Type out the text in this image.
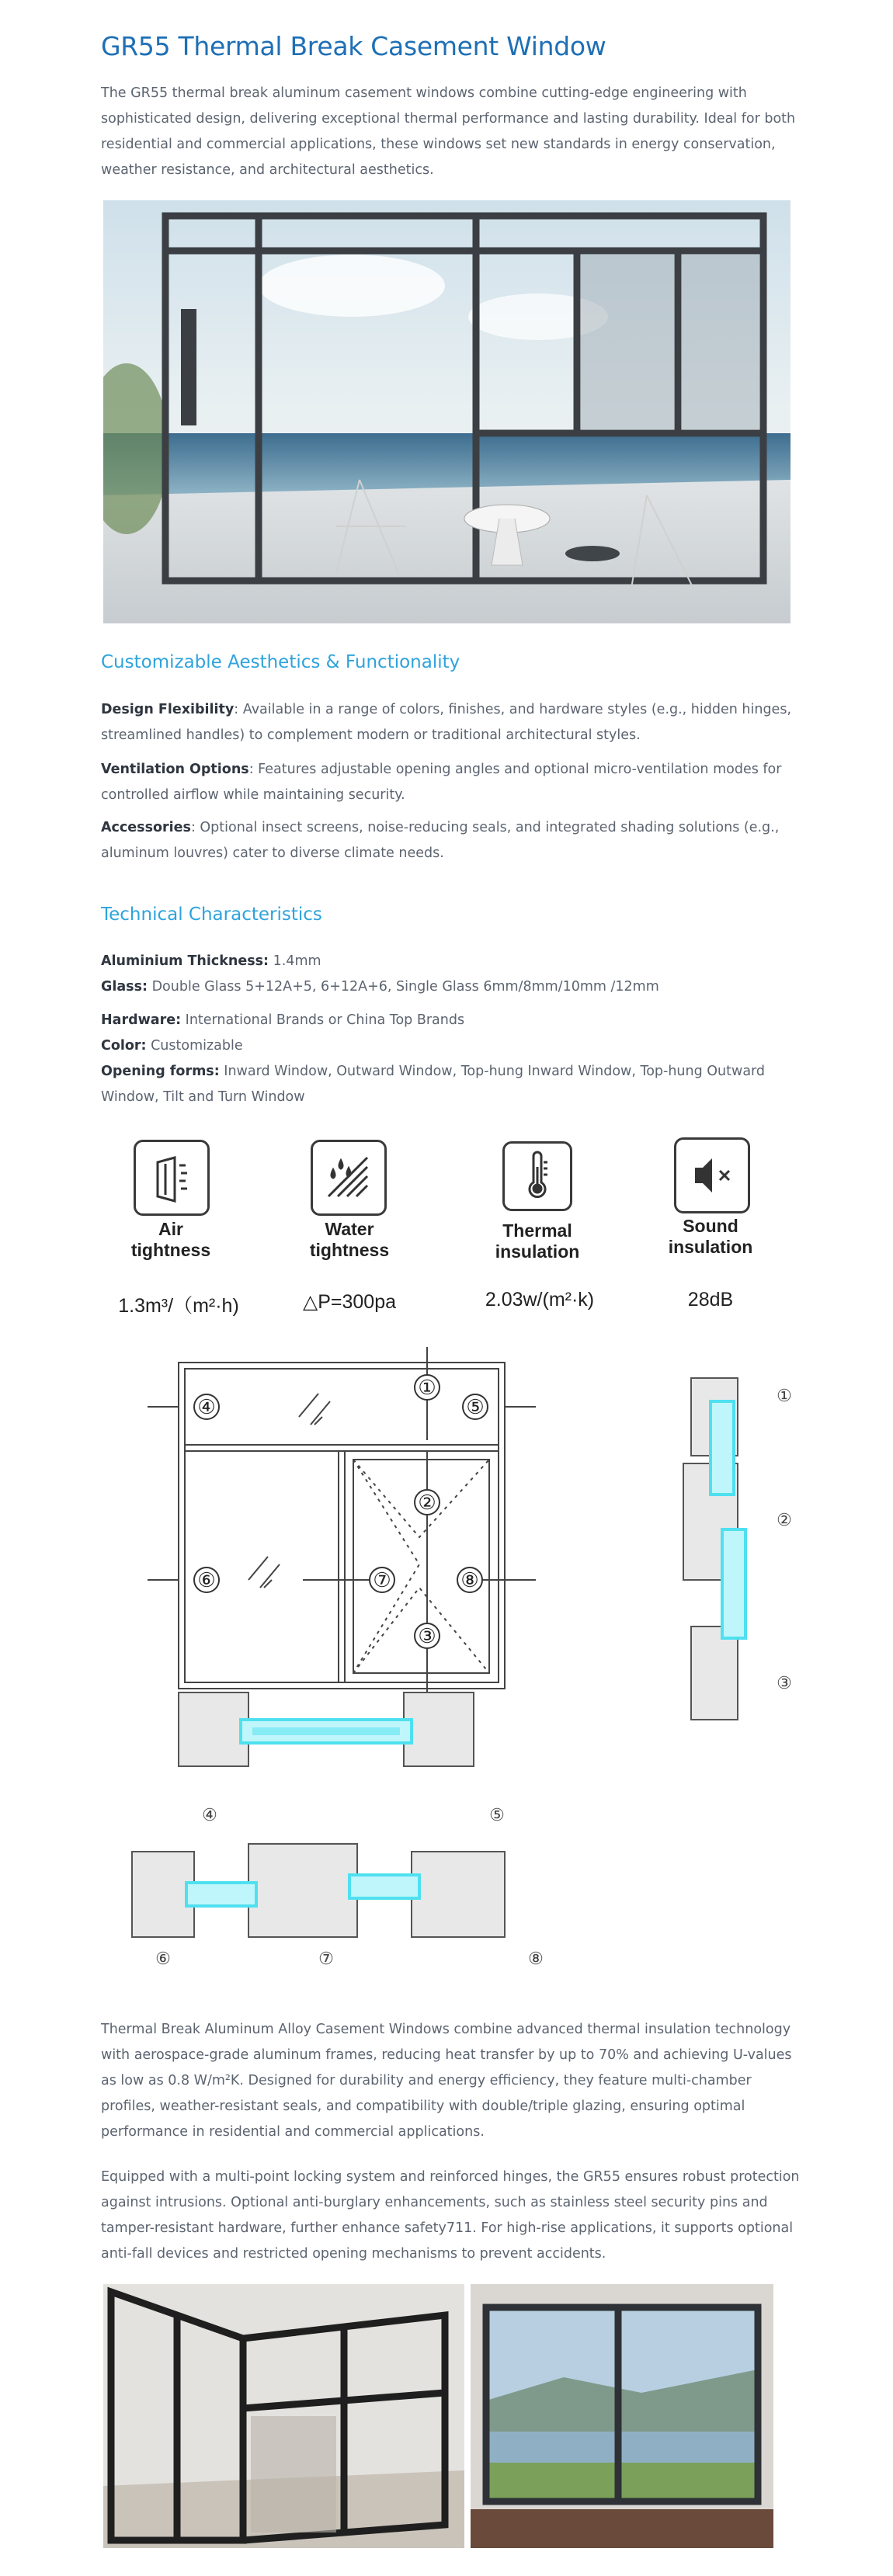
GR55 Thermal Break Casement Window

The GR55 thermal break aluminum casement windows combine cutting-edge engineering with sophisticated design, delivering exceptional thermal performance and lasting durability. Ideal for both residential and commercial applications, these windows set new standards in energy conservation, weather resistance, and architectural aesthetics.

Customizable Aesthetics & Functionality

Design Flexibility: Available in a range of colors, finishes, and hardware styles (e.g., hidden hinges, streamlined handles) to complement modern or traditional architectural styles.

Ventilation Options: Features adjustable opening angles and optional micro-ventilation modes for controlled airflow while maintaining security.

Accessories: Optional insect screens, noise-reducing seals, and integrated shading solutions (e.g., aluminum louvres) cater to diverse climate needs.

Technical Characteristics

Aluminium Thickness: 1.4mm

Glass: Double Glass 5+12A+5, 6+12A+6, Single Glass 6mm/8mm/10mm /12mm

Hardware: International Brands or China Top Brands

Color: Customizable

Opening forms: Inward Window, Outward Window, Top-hung Inward Window, Top-hung Outward Window, Tilt and Turn Window

Air
tightness
1.3m³/（m²·h)
Water
tightness
△P=300pa
Thermal
insulation
2.03w/(m²·k)
Sound
insulation
28dB
①
②
③
④	⑤
⑥	⑦	⑧
④	⑤
①
②
③
⑥	⑦	⑧

Thermal Break Aluminum Alloy Casement Windows combine advanced thermal insulation technology with aerospace-grade aluminum frames, reducing heat transfer by up to 70% and achieving U-values as low as 0.8 W/m²K. Designed for durability and energy efficiency, they feature multi-chamber profiles, weather-resistant seals, and compatibility with double/triple glazing, ensuring optimal performance in residential and commercial applications.

Equipped with a multi-point locking system and reinforced hinges, the GR55 ensures robust protection against intrusions. Optional anti-burglary enhancements, such as stainless steel security pins and tamper-resistant hardware, further enhance safety711. For high-rise applications, it supports optional anti-fall devices and restricted opening mechanisms to prevent accidents.
